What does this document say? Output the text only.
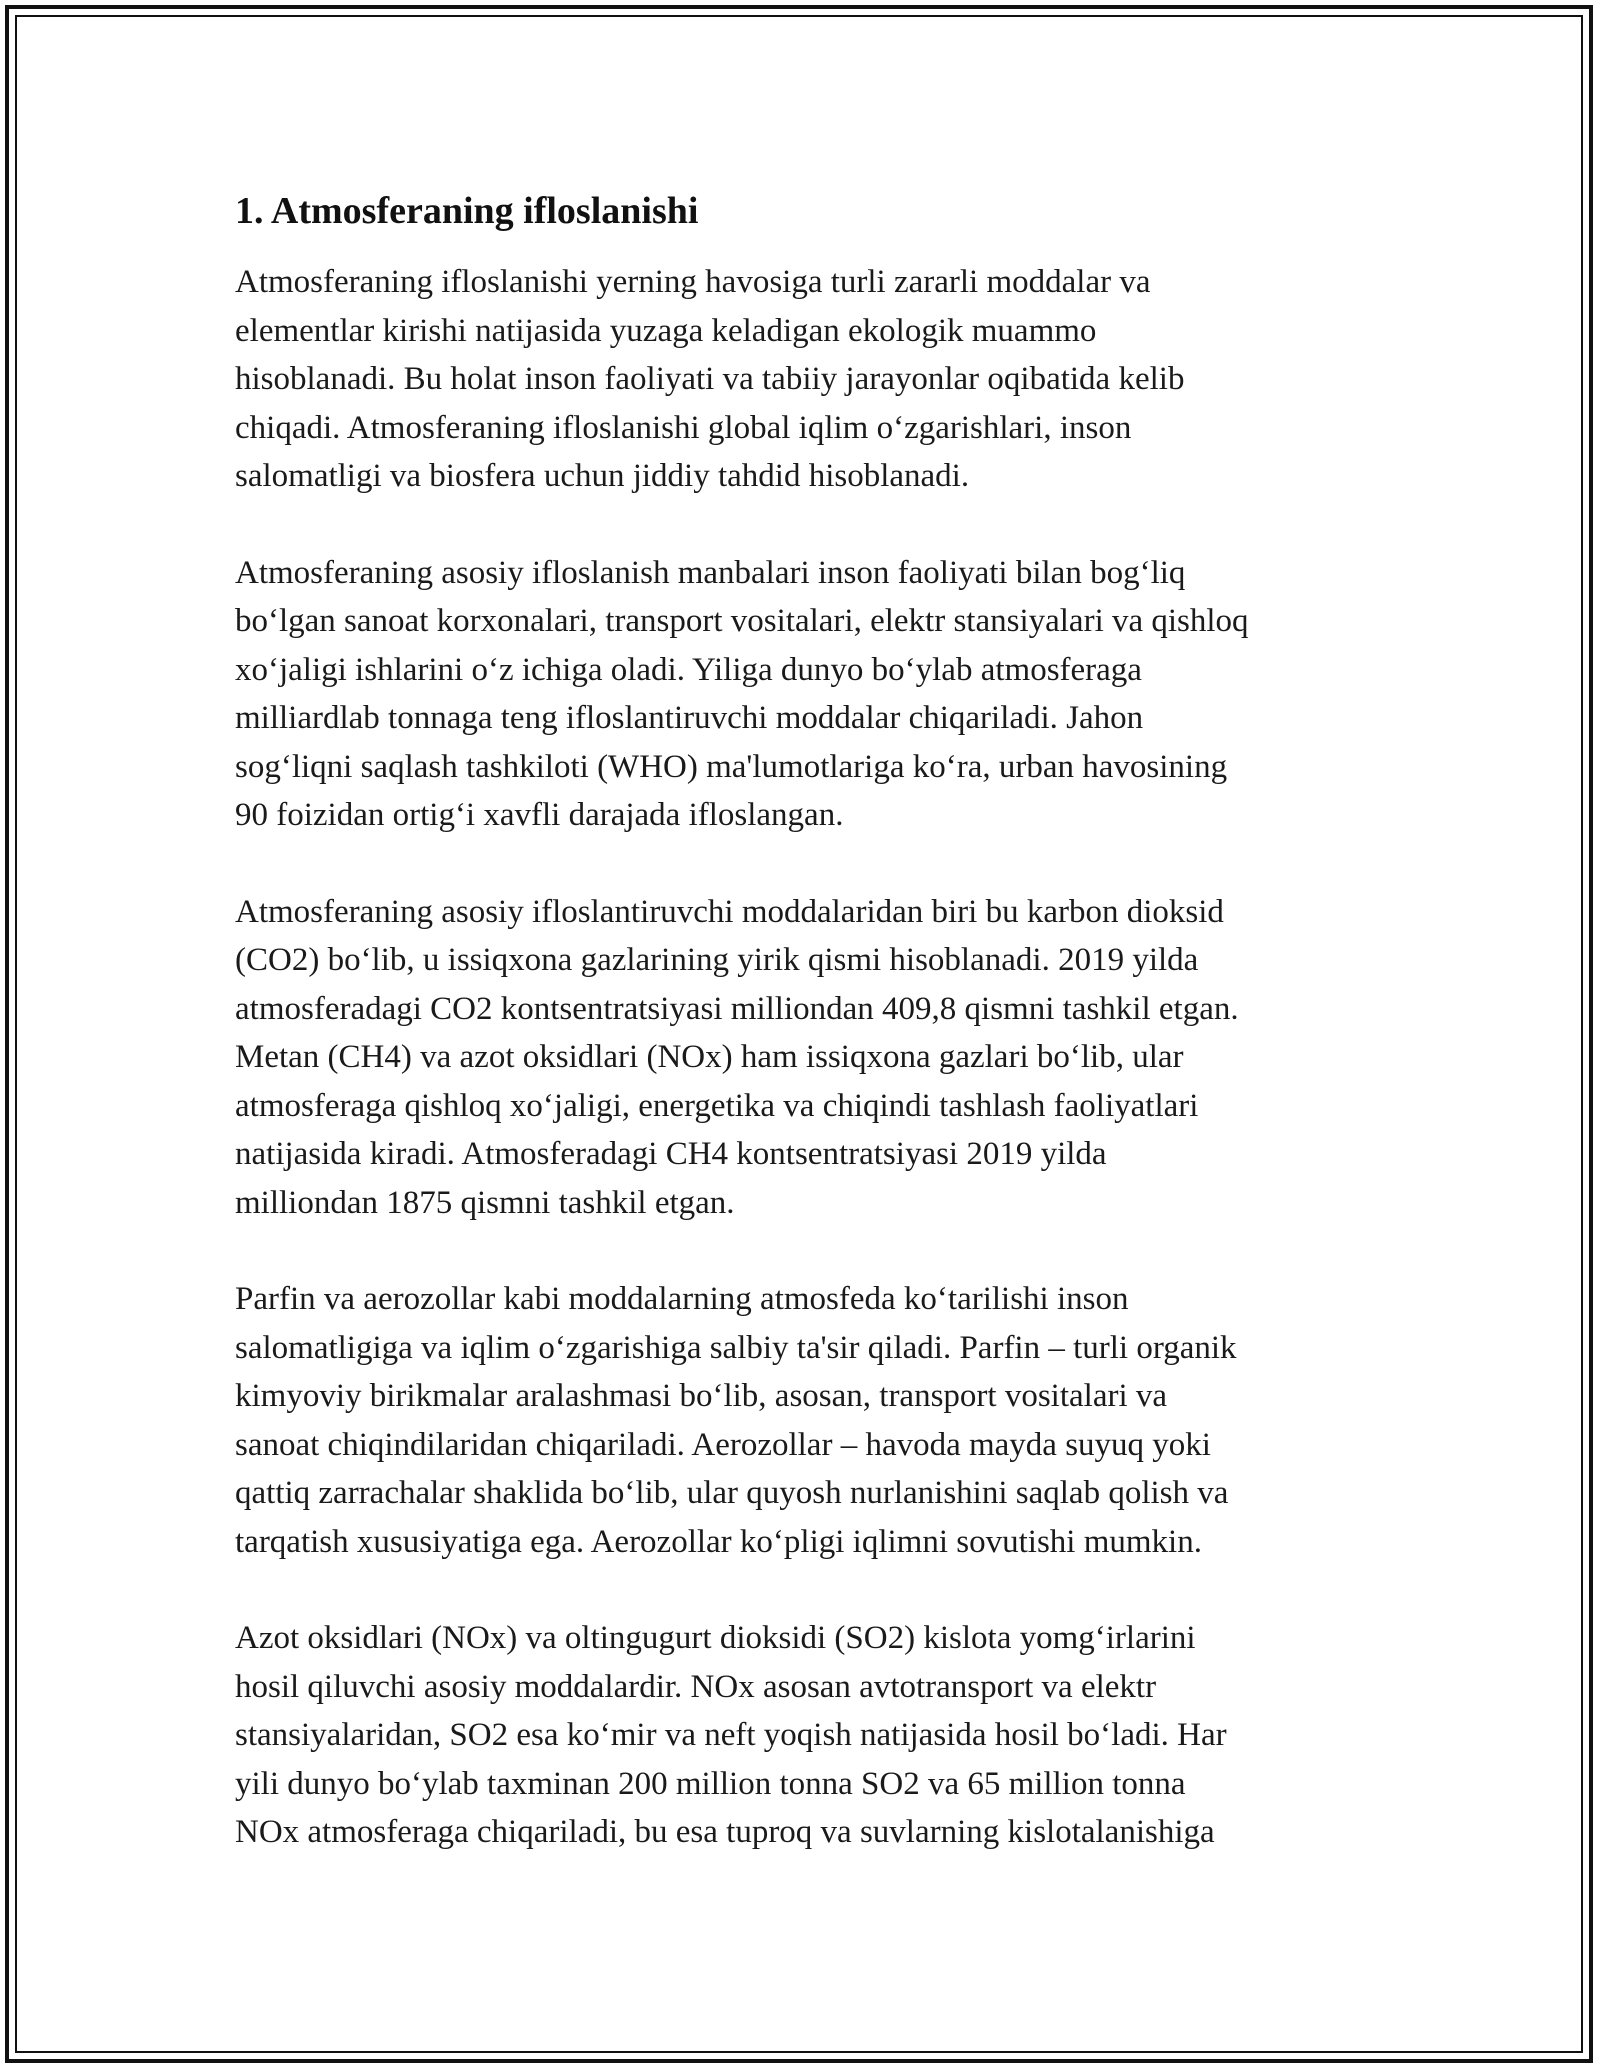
1. Atmosferaning ifloslanishi

Atmosferaning ifloslanishi yerning havosiga turli zararli moddalar va
elementlar kirishi natijasida yuzaga keladigan ekologik muammo
hisoblanadi. Bu holat inson faoliyati va tabiiy jarayonlar oqibatida kelib
chiqadi. Atmosferaning ifloslanishi global iqlim o‘zgarishlari, inson
salomatligi va biosfera uchun jiddiy tahdid hisoblanadi.

Atmosferaning asosiy ifloslanish manbalari inson faoliyati bilan bog‘liq
bo‘lgan sanoat korxonalari, transport vositalari, elektr stansiyalari va qishloq
xo‘jaligi ishlarini o‘z ichiga oladi. Yiliga dunyo bo‘ylab atmosferaga
milliardlab tonnaga teng ifloslantiruvchi moddalar chiqariladi. Jahon
sog‘liqni saqlash tashkiloti (WHO) ma'lumotlariga ko‘ra, urban havosining
90 foizidan ortig‘i xavfli darajada ifloslangan.

Atmosferaning asosiy ifloslantiruvchi moddalaridan biri bu karbon dioksid
(CO2) bo‘lib, u issiqxona gazlarining yirik qismi hisoblanadi. 2019 yilda
atmosferadagi CO2 kontsentratsiyasi milliondan 409,8 qismni tashkil etgan.
Metan (CH4) va azot oksidlari (NOx) ham issiqxona gazlari bo‘lib, ular
atmosferaga qishloq xo‘jaligi, energetika va chiqindi tashlash faoliyatlari
natijasida kiradi. Atmosferadagi CH4 kontsentratsiyasi 2019 yilda
milliondan 1875 qismni tashkil etgan.

Parfin va aerozollar kabi moddalarning atmosfeda ko‘tarilishi inson
salomatligiga va iqlim o‘zgarishiga salbiy ta'sir qiladi. Parfin – turli organik
kimyoviy birikmalar aralashmasi bo‘lib, asosan, transport vositalari va
sanoat chiqindilaridan chiqariladi. Aerozollar – havoda mayda suyuq yoki
qattiq zarrachalar shaklida bo‘lib, ular quyosh nurlanishini saqlab qolish va
tarqatish xususiyatiga ega. Aerozollar ko‘pligi iqlimni sovutishi mumkin.

Azot oksidlari (NOx) va oltingugurt dioksidi (SO2) kislota yomg‘irlarini
hosil qiluvchi asosiy moddalardir. NOx asosan avtotransport va elektr
stansiyalaridan, SO2 esa ko‘mir va neft yoqish natijasida hosil bo‘ladi. Har
yili dunyo bo‘ylab taxminan 200 million tonna SO2 va 65 million tonna
NOx atmosferaga chiqariladi, bu esa tuproq va suvlarning kislotalanishiga
